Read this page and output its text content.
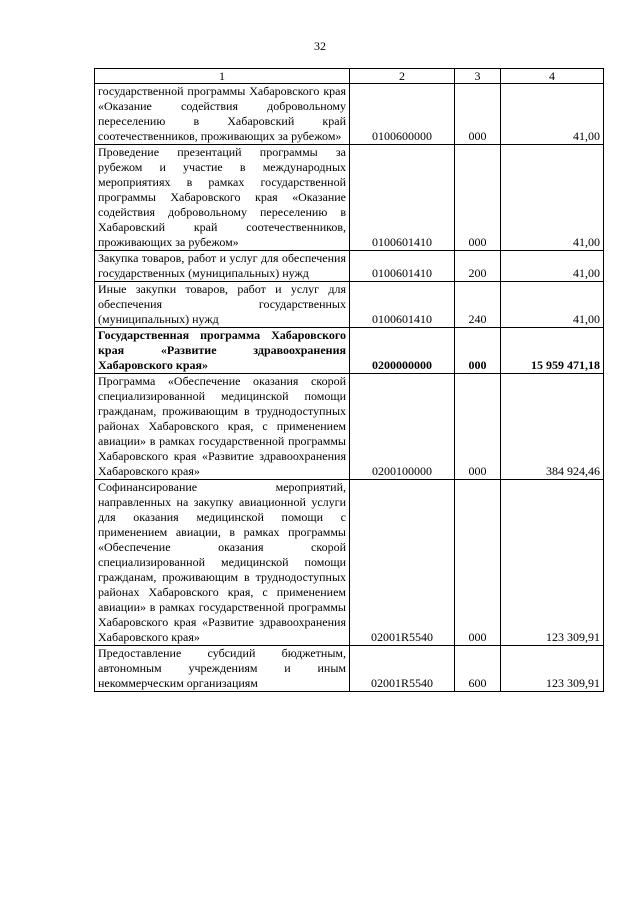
32
1	2	3	4
государственной программы Хабаровского края «Оказание содействия добровольному переселению в Хабаровский край соотечественников, проживающих за рубежом»	0100600000	000	41,00
Проведение презентаций программы за рубежом и участие в международных мероприятиях в рамках государственной программы Хабаровского края «Оказание содействия добровольному переселению в Хабаровский край соотечественников, проживающих за рубежом»	0100601410	000	41,00
Закупка товаров, работ и услуг для обеспечения государственных (муниципальных) нужд	0100601410	200	41,00
Иные закупки товаров, работ и услуг для обеспечения государственных (муниципальных) нужд	0100601410	240	41,00
Государственная программа Хабаровского края «Развитие здравоохранения Хабаровского края»	0200000000	000	15 959 471,18
Программа «Обеспечение оказания скорой специализированной медицинской помощи гражданам, проживающим в труднодоступных районах Хабаровского края, с применением авиации» в рамках государственной программы Хабаровского края «Развитие здравоохранения Хабаровского края»	0200100000	000	384 924,46
Софинансирование мероприятий, направленных на закупку авиационной услуги для оказания медицинской помощи с применением авиации, в рамках программы «Обеспечение оказания скорой специализированной медицинской помощи гражданам, проживающим в труднодоступных районах Хабаровского края, с применением авиации» в рамках государственной программы Хабаровского края «Развитие здравоохранения Хабаровского края»	02001R5540	000	123 309,91
Предоставление субсидий бюджетным, автономным учреждениям и иным некоммерческим организациям	02001R5540	600	123 309,91
